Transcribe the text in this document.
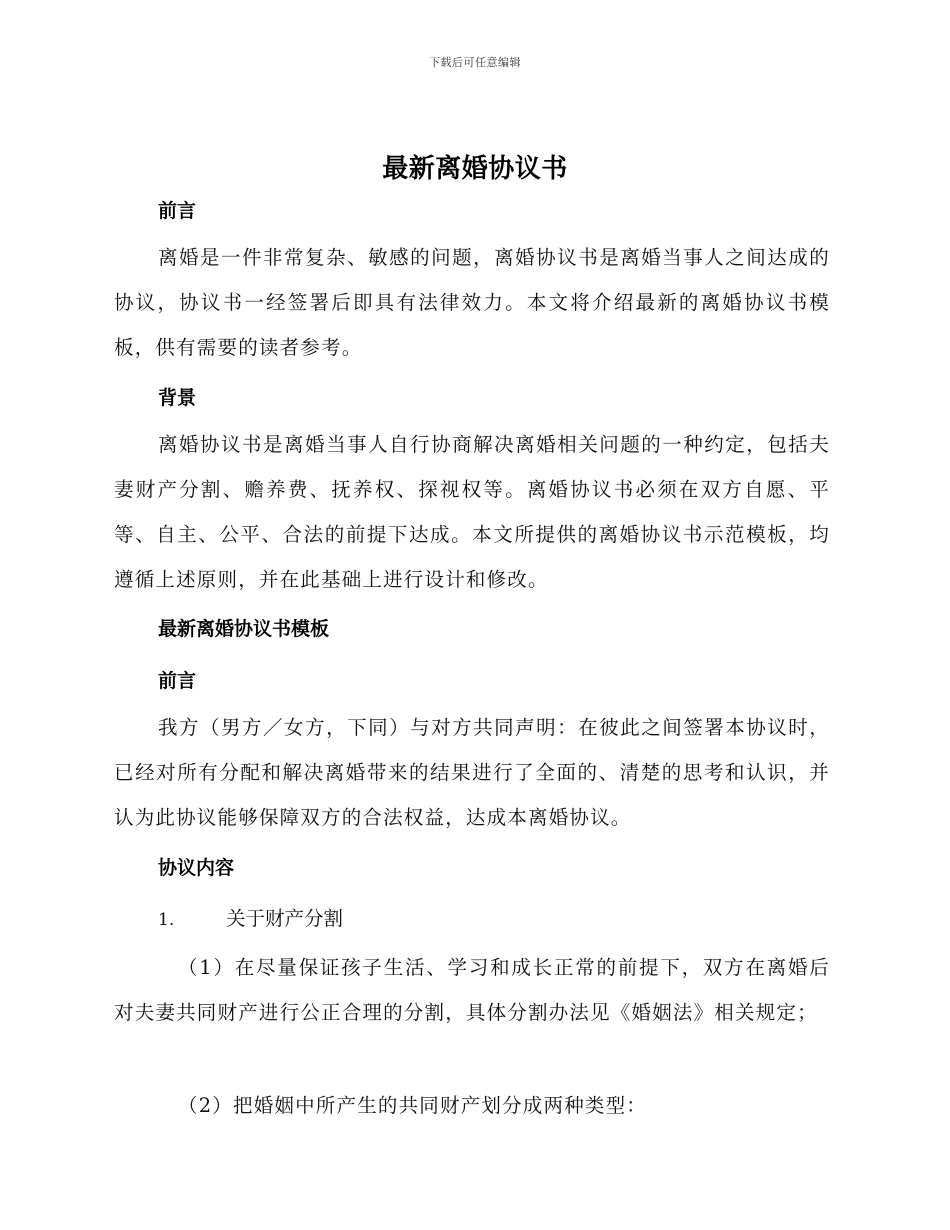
下载后可任意编辑
最新离婚协议书
前言

离婚是一件非常复杂、敏感的问题，离婚协议书是离婚当事人之间达成的协议，协议书一经签署后即具有法律效力。本文将介绍最新的离婚协议书模板，供有需要的读者参考。

背景

离婚协议书是离婚当事人自行协商解决离婚相关问题的一种约定，包括夫妻财产分割、赡养费、抚养权、探视权等。离婚协议书必须在双方自愿、平等、自主、公平、合法的前提下达成。本文所提供的离婚协议书示范模板，均遵循上述原则，并在此基础上进行设计和修改。

最新离婚协议书模板
前言

我方（男方／女方，下同）与对方共同声明：在彼此之间签署本协议时，已经对所有分配和解决离婚带来的结果进行了全面的、清楚的思考和认识，并认为此协议能够保障双方的合法权益，达成本离婚协议。

协议内容
1.	关于财产分割

（1）在尽量保证孩子生活、学习和成长正常的前提下，双方在离婚后对夫妻共同财产进行公正合理的分割，具体分割办法见《婚姻法》相关规定；

（2）把婚姻中所产生的共同财产划分成两种类型：
